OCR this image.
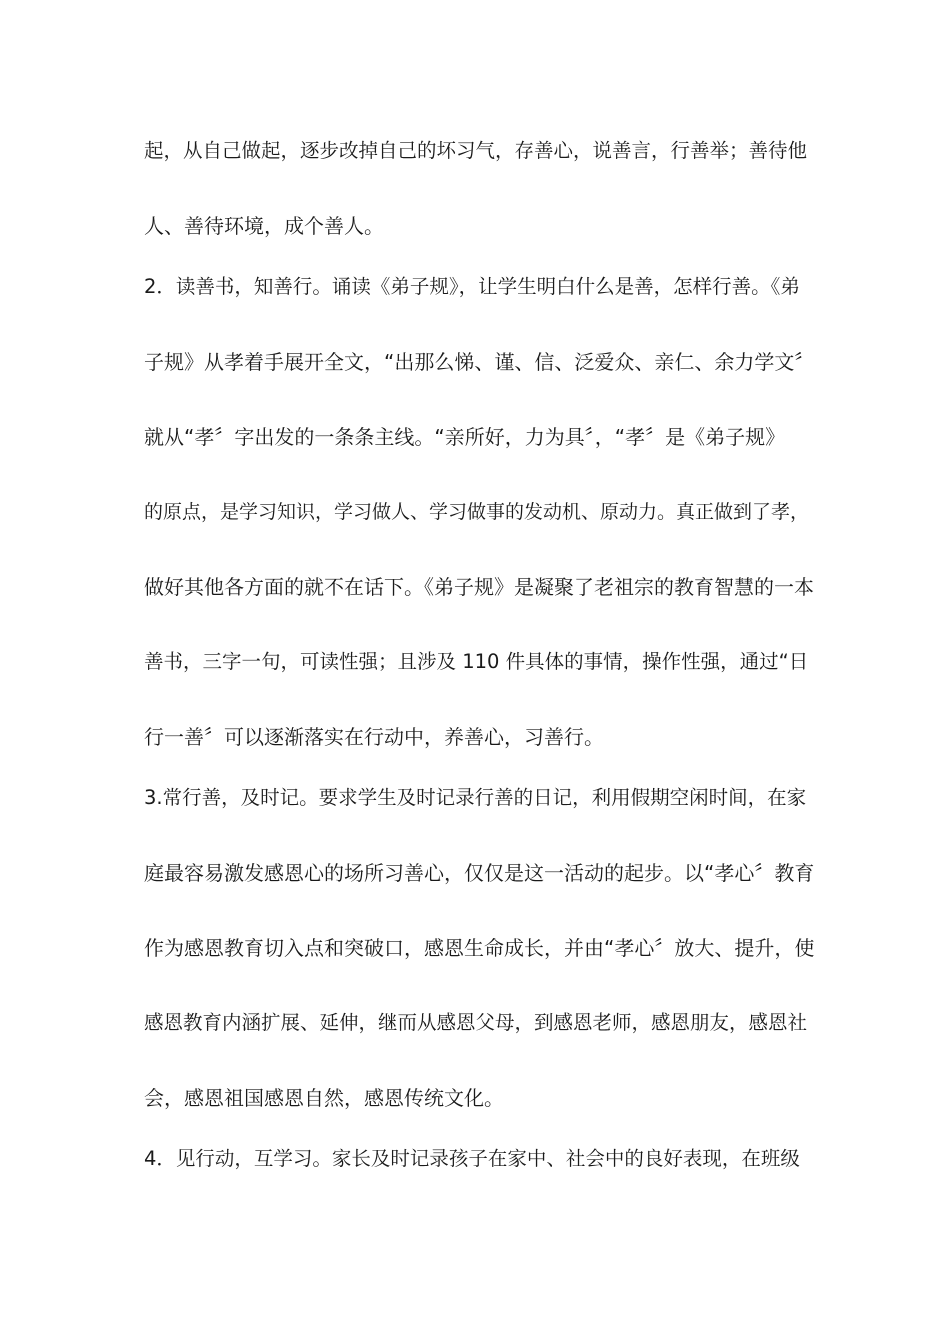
起，从自己做起，逐步改掉自己的坏习气，存善心，说善言，行善举；善待他
人、善待环境，成个善人。
2．读善书，知善行。诵读《弟子规》，让学生明白什么是善，怎样行善。《弟
子规》从孝着手展开全文，“出那么悌、谨、信、泛爱众、亲仁、余力学文〞
就从“孝〞字出发的一条条主线。“亲所好，力为具〞，“孝〞是《弟子规》
的原点，是学习知识，学习做人、学习做事的发动机、原动力。真正做到了孝，
做好其他各方面的就不在话下。《弟子规》是凝聚了老祖宗的教育智慧的一本
善书，三字一句，可读性强；且涉及 110 件具体的事情，操作性强，通过“日
行一善〞可以逐渐落实在行动中，养善心，习善行。
3.常行善，及时记。要求学生及时记录行善的日记，利用假期空闲时间，在家
庭最容易激发感恩心的场所习善心，仅仅是这一活动的起步。以“孝心〞教育
作为感恩教育切入点和突破口，感恩生命成长，并由“孝心〞放大、提升，使
感恩教育内涵扩展、延伸，继而从感恩父母，到感恩老师，感恩朋友，感恩社
会，感恩祖国感恩自然，感恩传统文化。
4．见行动，互学习。家长及时记录孩子在家中、社会中的良好表现，在班级
